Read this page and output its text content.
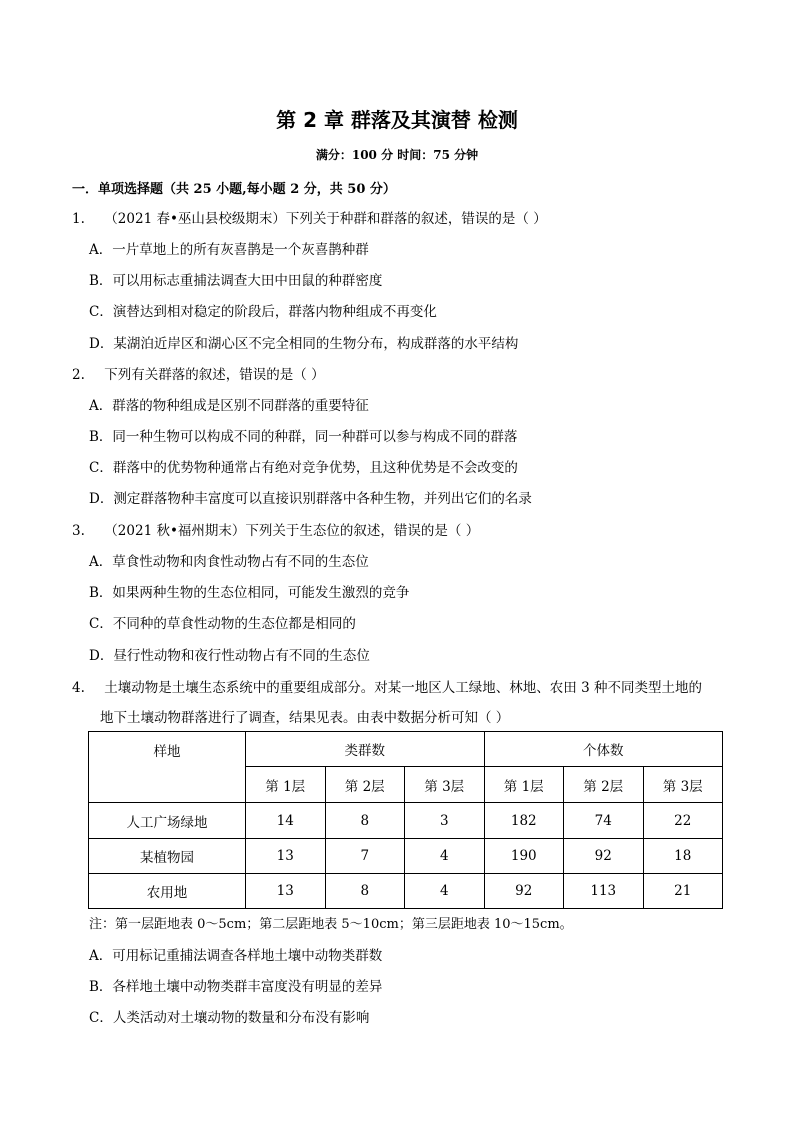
第 2 章 群落及其演替 检测
满分：100 分 时间：75 分钟
一．单项选择题（共 25 小题,每小题 2 分，共 50 分）
1. （2021 春•巫山县校级期末）下列关于种群和群落的叙述，错误的是（ ）
A．一片草地上的所有灰喜鹊是一个灰喜鹊种群
B．可以用标志重捕法调查大田中田鼠的种群密度
C．演替达到相对稳定的阶段后，群落内物种组成不再变化
D．某湖泊近岸区和湖心区不完全相同的生物分布，构成群落的水平结构
2. 下列有关群落的叙述，错误的是（ ）
A．群落的物种组成是区别不同群落的重要特征
B．同一种生物可以构成不同的种群，同一种群可以参与构成不同的群落
C．群落中的优势物种通常占有绝对竞争优势，且这种优势是不会改变的
D．测定群落物种丰富度可以直接识别群落中各种生物，并列出它们的名录
3. （2021 秋•福州期末）下列关于生态位的叙述，错误的是（ ）
A．草食性动物和肉食性动物占有不同的生态位
B．如果两种生物的生态位相同，可能发生激烈的竞争
C．不同种的草食性动物的生态位都是相同的
D．昼行性动物和夜行性动物占有不同的生态位
4. 土壤动物是土壤生态系统中的重要组成部分。对某一地区人工绿地、林地、农田 3 种不同类型土地的
地下土壤动物群落进行了调查，结果见表。由表中数据分析可知（ ）
样地	类群数			个体数		
	第 1层	第 2层	第 3层	第 1层	第 2层	第 3层
人工广场绿地	14	8	3	182	74	22
某植物园	13	7	4	190	92	18
农用地	13	8	4	92	113	21
注：第一层距地表 0～5cm；第二层距地表 5～10cm；第三层距地表 10～15cm。
A．可用标记重捕法调查各样地土壤中动物类群数
B．各样地土壤中动物类群丰富度没有明显的差异
C．人类活动对土壤动物的数量和分布没有影响
